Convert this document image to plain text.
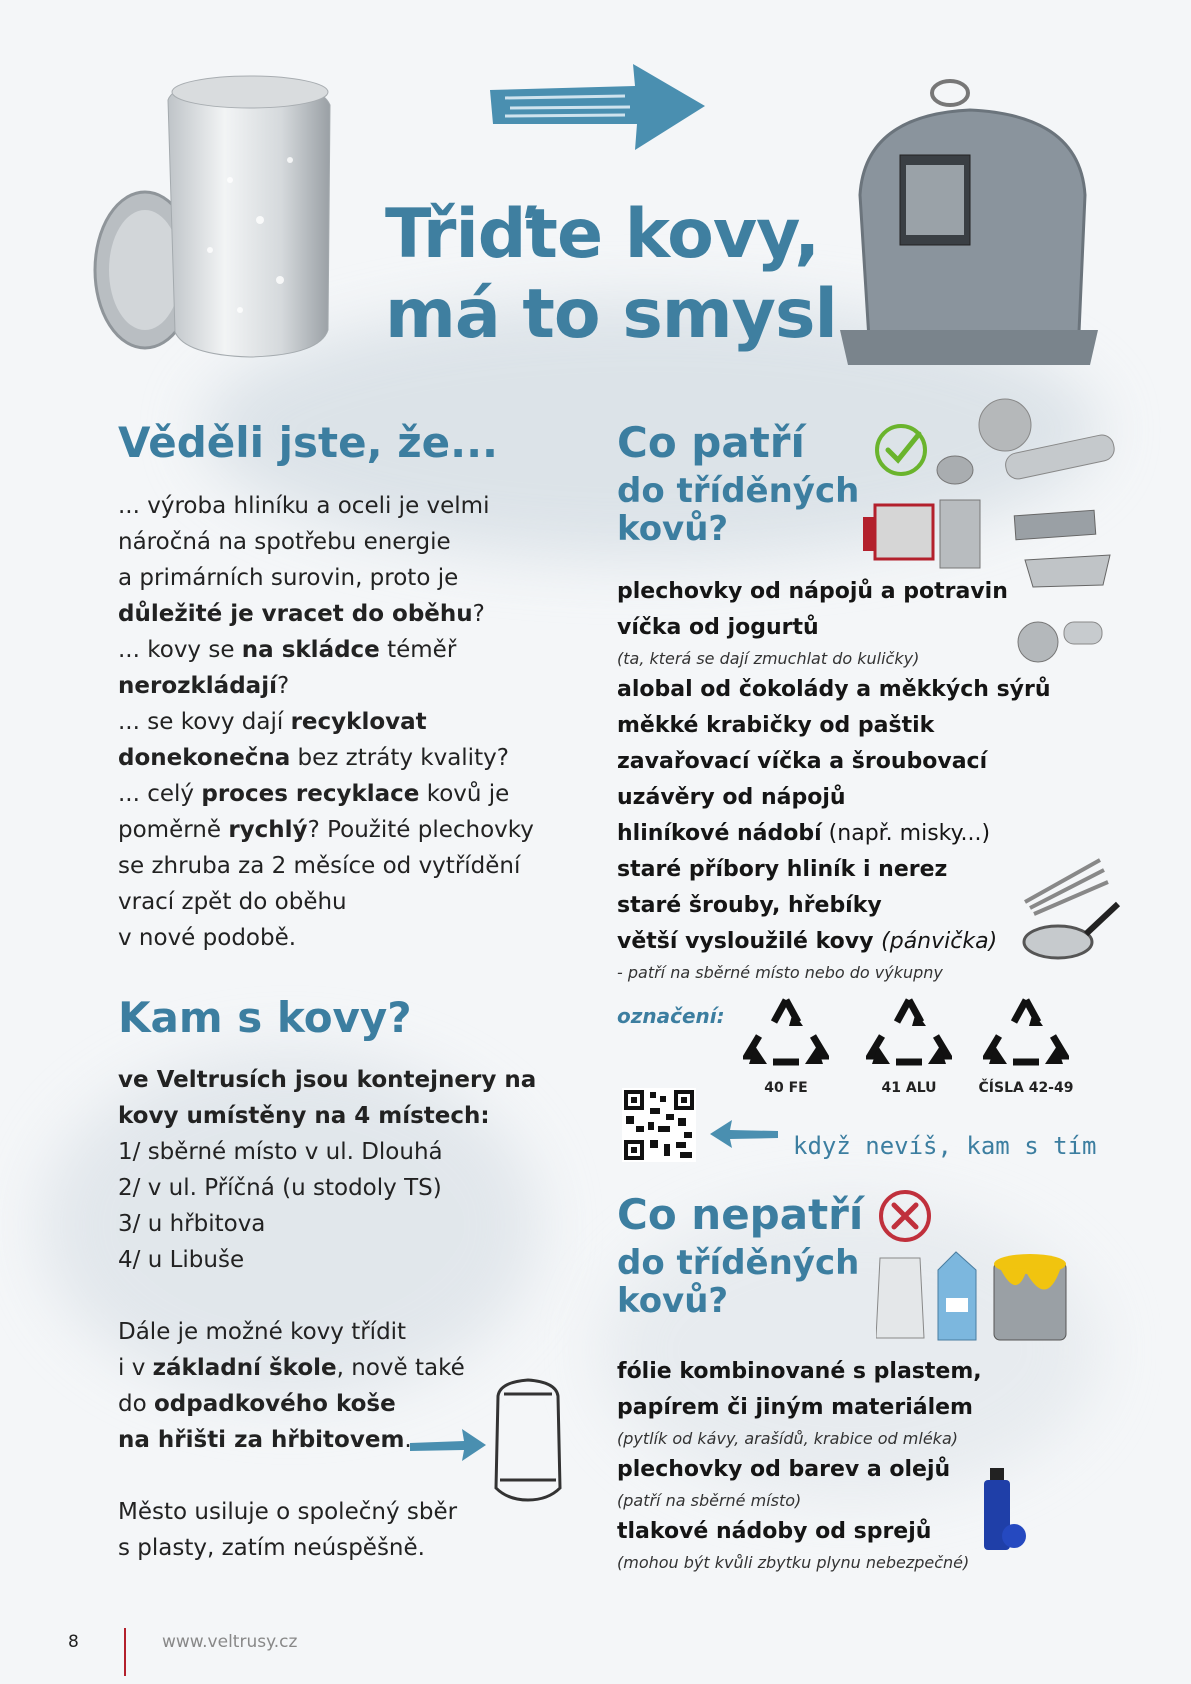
Třiďte kovy,
má to smysl
Věděli jste, že...
... výroba hliníku a oceli je velmi
náročná na spotřebu energie
a primárních surovin, proto je
důležité je vracet do oběhu?
... kovy se na skládce téměř
nerozkládají?
... se kovy dají recyklovat
donekonečna bez ztráty kvality?
... celý proces recyklace kovů je
poměrně rychlý? Použité plechovky
se zhruba za 2 měsíce od vytřídění
vrací zpět do oběhu
v nové podobě.
Kam s kovy?
ve Veltrusích jsou kontejnery na
kovy umístěny na 4 místech:
1/ sběrné místo v ul. Dlouhá
2/ v ul. Příčná (u stodoly TS)
3/ u hřbitova
4/ u Libuše
Dále je možné kovy třídit
i v základní škole, nově také
do odpadkového koše
na hřišti za hřbitovem.
Město usiluje o společný sběr
s plasty, zatím neúspěšně.
Co patří
do tříděných
kovů?
plechovky od nápojů a potravin
víčka od jogurtů
(ta, která se dají zmuchlat do kuličky)
alobal od čokolády a měkkých sýrů
měkké krabičky od paštik
zavařovací víčka a šroubovací
uzávěry od nápojů
hliníkové nádobí (např. misky...)
staré příbory hliník i nerez
staré šrouby, hřebíky
větší vysloužilé kovy (pánvička)
- patří na sběrné místo nebo do výkupny
označení:
40 FE	41 ALU	ČÍSLA 42-49
když nevíš, kam s tím
Co nepatří
do tříděných
kovů?
fólie kombinované s plastem,
papírem či jiným materiálem
(pytlík od kávy, arašídů, krabice od mléka)
plechovky od barev a olejů
(patří na sběrné místo)
tlakové nádoby od sprejů
(mohou být kvůli zbytku plynu nebezpečné)
8	www.veltrusy.cz
